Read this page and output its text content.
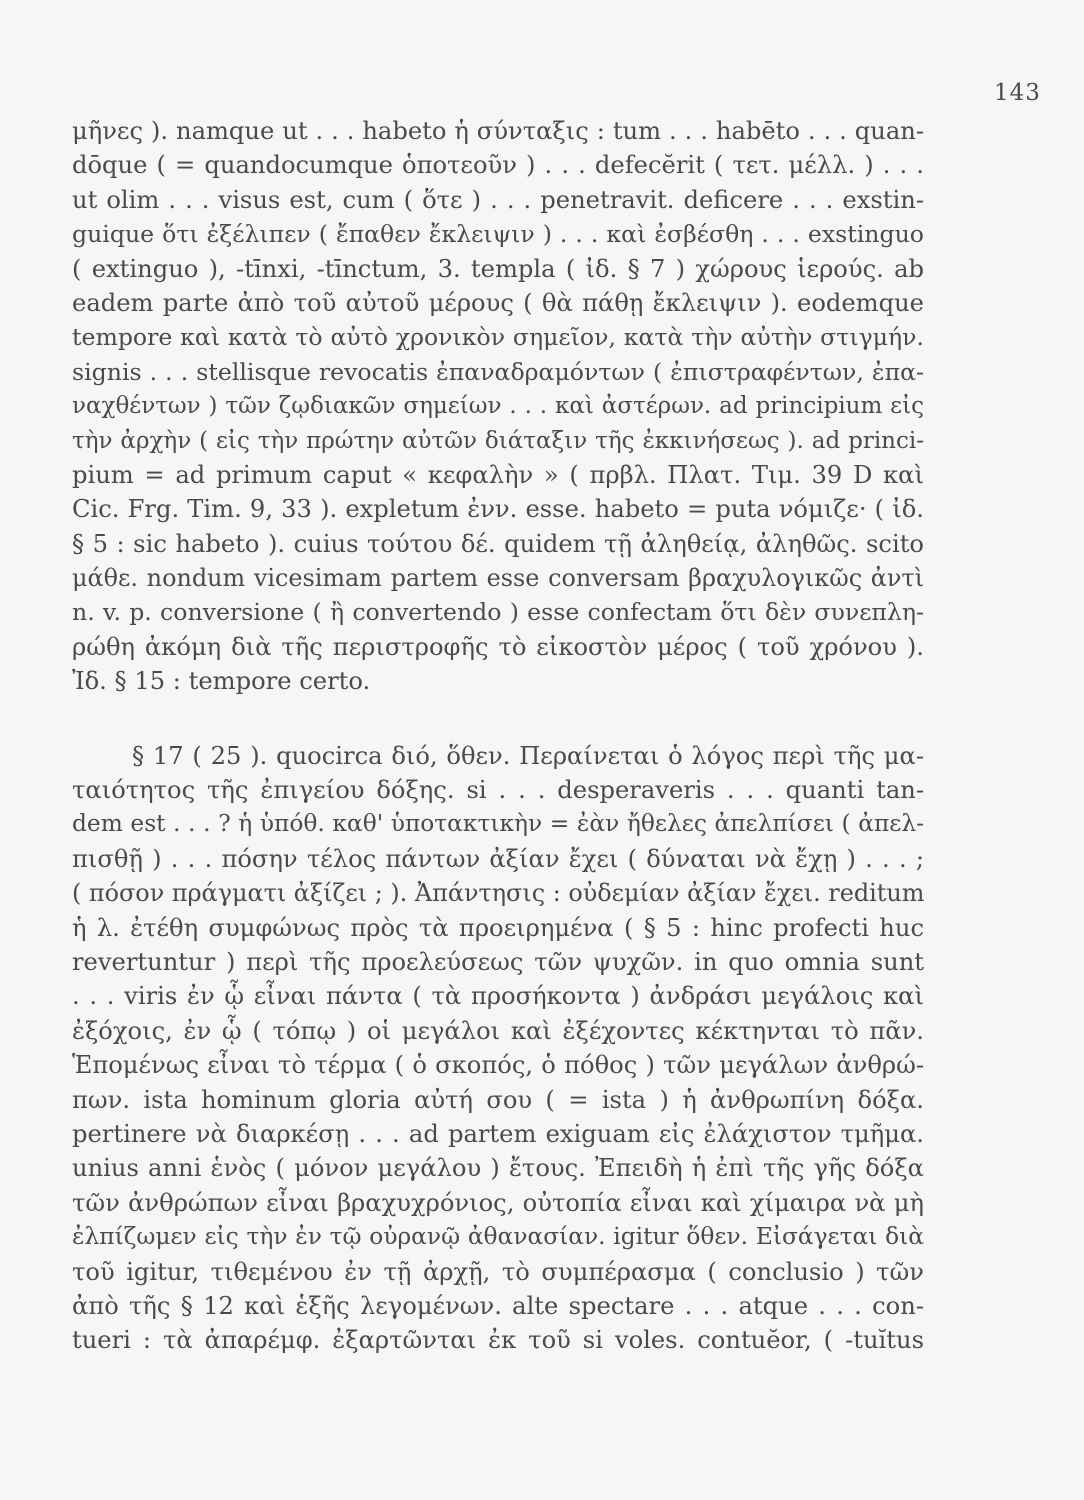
143
μῆνες ). namque ut . . . habeto ἡ σύνταξις : tum . . . habēto . . . quan-
dōque ( = quandocumque ὁποτεοῦν ) . . . defecĕrit ( τετ. μέλλ. ) . . .
ut olim . . . visus est, cum ( ὅτε ) . . . penetravit. deficere . . . exstin-
guique ὅτι ἐξέλιπεν ( ἔπαθεν ἔκλειψιν ) . . . καὶ ἐσβέσθη . . . exstinguo
( extinguo ), -tīnxi, -tīnctum, 3. templa ( ἰδ. § 7 ) χώρους ἱερούς. ab
eadem parte ἀπὸ τοῦ αὐτοῦ μέρους ( θὰ πάθῃ ἔκλειψιν ). eodemque
tempore καὶ κατὰ τὸ αὐτὸ χρονικὸν σημεῖον, κατὰ τὴν αὐτὴν στιγμήν.
signis . . . stellisque revocatis ἐπαναδραμόντων ( ἐπιστραφέντων, ἐπα-
ναχθέντων ) τῶν ζῳδιακῶν σημείων . . . καὶ ἀστέρων. ad principium εἰς
τὴν ἀρχὴν ( εἰς τὴν πρώτην αὐτῶν διάταξιν τῆς ἐκκινήσεως ). ad princi-
pium = ad primum caput « κεφαλὴν » ( πρβλ. Πλατ. Τιμ. 39 D καὶ
Cic. Frg. Tim. 9, 33 ). expletum ἐνν. esse. habeto = puta νόμιζε· ( ἰδ.
§ 5 : sic habeto ). cuius τούτου δέ. quidem τῇ ἀληθείᾳ, ἀληθῶς. scito
μάθε. nondum vicesimam partem esse conversam βραχυλογικῶς ἀντὶ
n. v. p. conversione ( ἢ convertendo ) esse confectam ὅτι δὲν συνεπλη-
ρώθη ἀκόμη διὰ τῆς περιστροφῆς τὸ εἰκοστὸν μέρος ( τοῦ χρόνου ).
Ἰδ. § 15 : tempore certo.
§ 17 ( 25 ). quocirca διό, ὅθεν. Περαίνεται ὁ λόγος περὶ τῆς μα-
ταιότητος τῆς ἐπιγείου δόξης. si . . . desperaveris . . . quanti tan-
dem est . . . ? ἡ ὑπόθ. καθ' ὑποτακτικὴν = ἐὰν ἤθελες ἀπελπίσει ( ἀπελ-
πισθῇ ) . . . πόσην τέλος πάντων ἀξίαν ἔχει ( δύναται νὰ ἔχῃ ) . . . ;
( πόσον πράγματι ἀξίζει ; ). Ἀπάντησις : οὐδεμίαν ἀξίαν ἔχει. reditum
ἡ λ. ἐτέθη συμφώνως πρὸς τὰ προειρημένα ( § 5 : hinc profecti huc
revertuntur ) περὶ τῆς προελεύσεως τῶν ψυχῶν. in quo omnia sunt
. . . viris ἐν ᾧ εἶναι πάντα ( τὰ προσήκοντα ) ἀνδράσι μεγάλοις καὶ
ἐξόχοις, ἐν ᾧ ( τόπῳ ) οἱ μεγάλοι καὶ ἐξέχοντες κέκτηνται τὸ πᾶν.
Ἑπομένως εἶναι τὸ τέρμα ( ὁ σκοπός, ὁ πόθος ) τῶν μεγάλων ἀνθρώ-
πων. ista hominum gloria αὐτή σου ( = ista ) ἡ ἀνθρωπίνη δόξα.
pertinere νὰ διαρκέσῃ . . . ad partem exiguam εἰς ἐλάχιστον τμῆμα.
unius anni ἑνὸς ( μόνον μεγάλου ) ἔτους. Ἐπειδὴ ἡ ἐπὶ τῆς γῆς δόξα
τῶν ἀνθρώπων εἶναι βραχυχρόνιος, οὐτοπία εἶναι καὶ χίμαιρα νὰ μὴ
ἐλπίζωμεν εἰς τὴν ἐν τῷ οὐρανῷ ἀθανασίαν. igitur ὅθεν. Εἰσάγεται διὰ
τοῦ igitur, τιθεμένου ἐν τῇ ἀρχῇ, τὸ συμπέρασμα ( conclusio ) τῶν
ἀπὸ τῆς § 12 καὶ ἑξῆς λεγομένων. alte spectare . . . atque . . . con-
tueri : τὰ ἀπαρέμφ. ἐξαρτῶνται ἐκ τοῦ si voles. contuĕor, ( -tuĭtus
